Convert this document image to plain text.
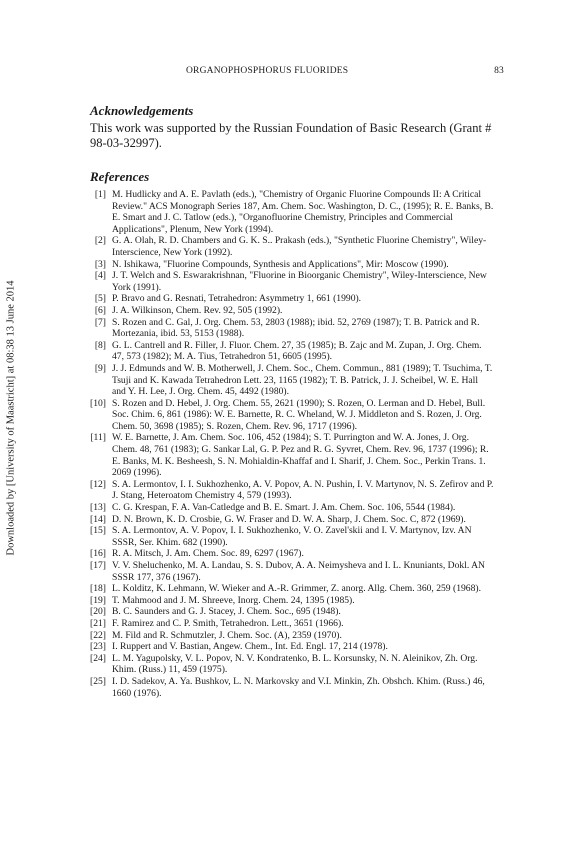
ORGANOPHOSPHORUS FLUORIDES	83
Downloaded by [University of Maastricht] at 08:38 13 June 2014
Acknowledgements

This work was supported by the Russian Foundation of Basic Research (Grant # 98-03-32997).

References
[1] M. Hudlicky and A. E. Pavlath (eds.), "Chemistry of Organic Fluorine Compounds II: A Critical Review." ACS Monograph Series 187, Am. Chem. Soc. Washington, D. C., (1995); R. E. Banks, B. E. Smart and J. C. Tatlow (eds.), "Organofluorine Chemistry, Principles and Commercial Applications", Plenum, New York (1994).
[2] G. A. Olah, R. D. Chambers and G. K. S.. Prakash (eds.), "Synthetic Fluorine Chemistry", Wiley-Interscience, New York (1992).
[3] N. Ishikawa, "Fluorine Compounds, Synthesis and Applications", Mir: Moscow (1990).
[4] J. T. Welch and S. Eswarakrishnan, "Fluorine in Bioorganic Chemistry", Wiley-Interscience, New York (1991).
[5] P. Bravo and G. Resnati, Tetrahedron: Asymmetry 1, 661 (1990).
[6] J. A. Wilkinson, Chem. Rev. 92, 505 (1992).
[7] S. Rozen and C. Gal, J. Org. Chem. 53, 2803 (1988); ibid. 52, 2769 (1987); T. B. Patrick and R. Mortezania, ibid. 53, 5153 (1988).
[8] G. L. Cantrell and R. Filler, J. Fluor. Chem. 27, 35 (1985); B. Zajc and M. Zupan, J. Org. Chem. 47, 573 (1982); M. A. Tius, Tetrahedron 51, 6605 (1995).
[9] J. J. Edmunds and W. B. Motherwell, J. Chem. Soc., Chem. Commun., 881 (1989); T. Tsuchima, T. Tsuji and K. Kawada Tetrahedron Lett. 23, 1165 (1982); T. B. Patrick, J. J. Scheibel, W. E. Hall and Y. H. Lee, J. Org. Chem. 45, 4492 (1980).
[10] S. Rozen and D. Hebel, J. Org. Chem. 55, 2621 (1990); S. Rozen, O. Lerman and D. Hebel, Bull. Soc. Chim. 6, 861 (1986): W. E. Barnette, R. C. Wheland, W. J. Middleton and S. Rozen, J. Org. Chem. 50, 3698 (1985); S. Rozen, Chem. Rev. 96, 1717 (1996).
[11] W. E. Barnette, J. Am. Chem. Soc. 106, 452 (1984); S. T. Purrington and W. A. Jones, J. Org. Chem. 48, 761 (1983); G. Sankar Lal, G. P. Pez and R. G. Syvret, Chem. Rev. 96, 1737 (1996); R. E. Banks, M. K. Besheesh, S. N. Mohialdin-Khaffaf and I. Sharif, J. Chem. Soc., Perkin Trans. 1. 2069 (1996).
[12] S. A. Lermontov, I. I. Sukhozhenko, A. V. Popov, A. N. Pushin, I. V. Martynov, N. S. Zefirov and P. J. Stang, Heteroatom Chemistry 4, 579 (1993).
[13] C. G. Krespan, F. A. Van-Catledge and B. E. Smart. J. Am. Chem. Soc. 106, 5544 (1984).
[14] D. N. Brown, K. D. Crosbie, G. W. Fraser and D. W. A. Sharp, J. Chem. Soc. C, 872 (1969).
[15] S. A. Lermontov, A. V. Popov, I. I. Sukhozhenko, V. O. Zavel'skii and I. V. Martynov, Izv. AN SSSR, Ser. Khim. 682 (1990).
[16] R. A. Mitsch, J. Am. Chem. Soc. 89, 6297 (1967).
[17] V. V. Sheluchenko, M. A. Landau, S. S. Dubov, A. A. Neimysheva and I. L. Knuniants, Dokl. AN SSSR 177, 376 (1967).
[18] L. Kolditz, K. Lehmann, W. Wieker and A.-R. Grimmer, Z. anorg. Allg. Chem. 360, 259 (1968).
[19] T. Mahmood and J. M. Shreeve, Inorg. Chem. 24, 1395 (1985).
[20] B. C. Saunders and G. J. Stacey, J. Chem. Soc., 695 (1948).
[21] F. Ramirez and C. P. Smith, Tetrahedron. Lett., 3651 (1966).
[22] M. Fild and R. Schmutzler, J. Chem. Soc. (A), 2359 (1970).
[23] I. Ruppert and V. Bastian, Angew. Chem., Int. Ed. Engl. 17, 214 (1978).
[24] L. M. Yagupolsky, V. L. Popov, N. V. Kondratenko, B. L. Korsunsky, N. N. Aleinikov, Zh. Org. Khim. (Russ.) 11, 459 (1975).
[25] I. D. Sadekov, A. Ya. Bushkov, L. N. Markovsky and V.I. Minkin, Zh. Obshch. Khim. (Russ.) 46, 1660 (1976).
